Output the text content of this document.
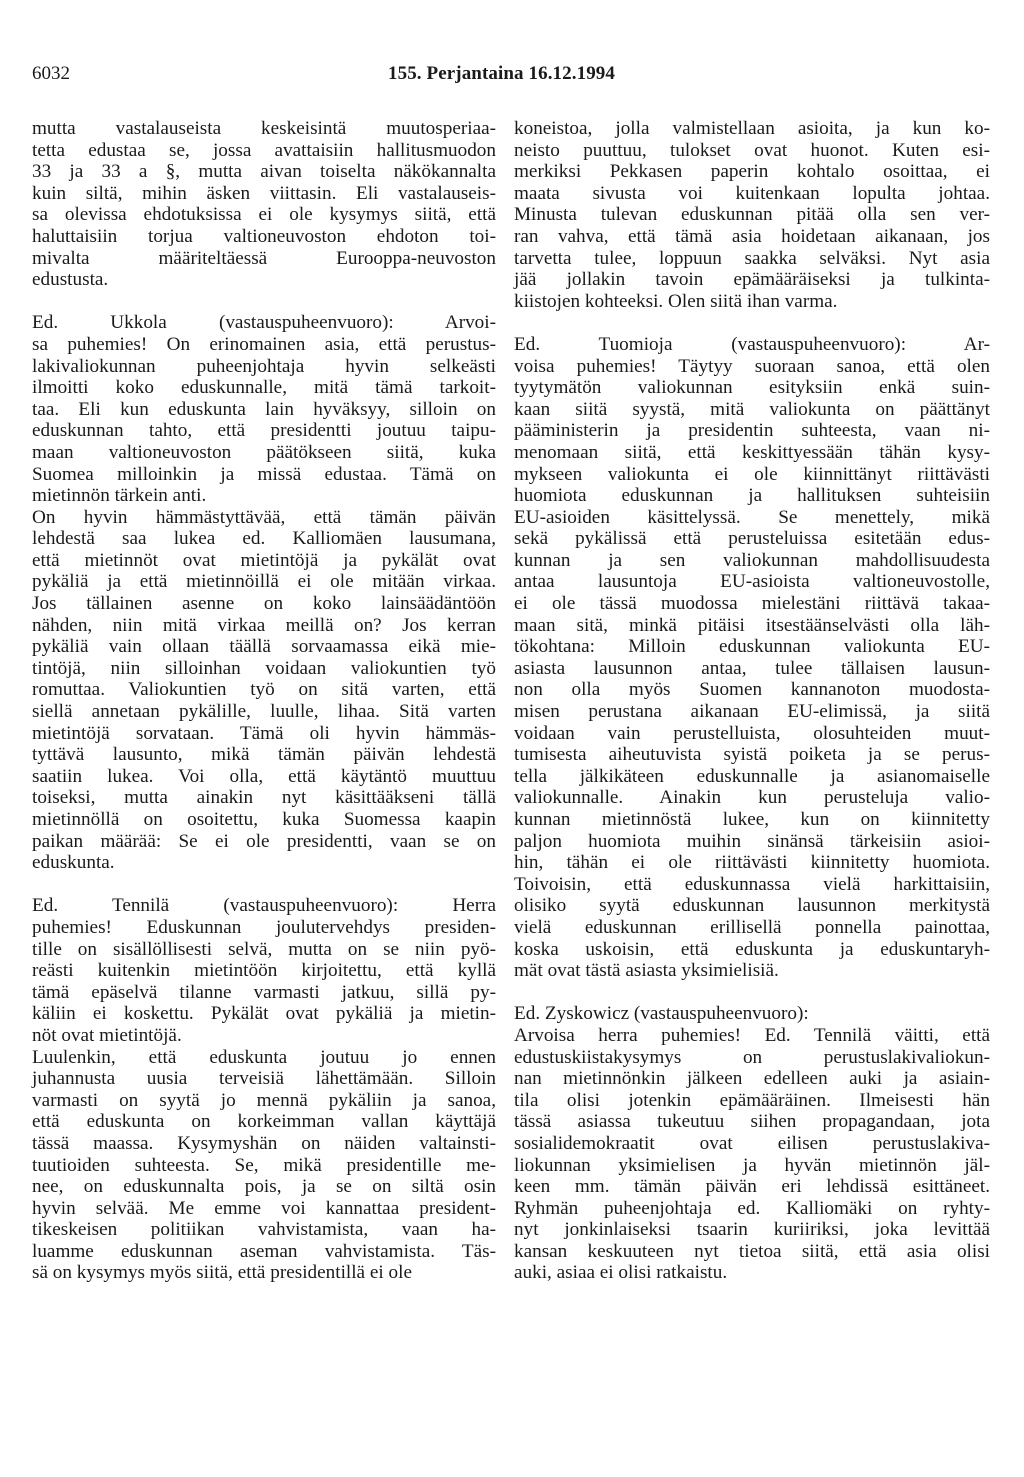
6032	155. Perjantaina 16.12.1994
mutta vastalauseista keskeisintä muutosperiaa-
tetta edustaa se, jossa avattaisiin hallitusmuodon
33 ja 33 a §, mutta aivan toiselta näkökannalta
kuin siltä, mihin äsken viittasin. Eli vastalauseis-
sa olevissa ehdotuksissa ei ole kysymys siitä, että
haluttaisiin torjua valtioneuvoston ehdoton toi-
mivalta määriteltäessä Eurooppa-neuvoston
edustusta.
Ed. Ukkola (vastauspuheenvuoro): Arvoi-
sa puhemies! On erinomainen asia, että perustus-
lakivaliokunnan puheenjohtaja hyvin selkeästi
ilmoitti koko eduskunnalle, mitä tämä tarkoit-
taa. Eli kun eduskunta lain hyväksyy, silloin on
eduskunnan tahto, että presidentti joutuu taipu-
maan valtioneuvoston päätökseen siitä, kuka
Suomea milloinkin ja missä edustaa. Tämä on
mietinnön tärkein anti.
On hyvin hämmästyttävää, että tämän päivän
lehdestä saa lukea ed. Kalliomäen lausumana,
että mietinnöt ovat mietintöjä ja pykälät ovat
pykäliä ja että mietinnöillä ei ole mitään virkaa.
Jos tällainen asenne on koko lainsäädäntöön
nähden, niin mitä virkaa meillä on? Jos kerran
pykäliä vain ollaan täällä sorvaamassa eikä mie-
tintöjä, niin silloinhan voidaan valiokuntien työ
romuttaa. Valiokuntien työ on sitä varten, että
siellä annetaan pykälille, luulle, lihaa. Sitä varten
mietintöjä sorvataan. Tämä oli hyvin hämmäs-
tyttävä lausunto, mikä tämän päivän lehdestä
saatiin lukea. Voi olla, että käytäntö muuttuu
toiseksi, mutta ainakin nyt käsittääkseni tällä
mietinnöllä on osoitettu, kuka Suomessa kaapin
paikan määrää: Se ei ole presidentti, vaan se on
eduskunta.
Ed. Tennilä (vastauspuheenvuoro): Herra
puhemies! Eduskunnan joulutervehdys presiden-
tille on sisällöllisesti selvä, mutta on se niin pyö-
reästi kuitenkin mietintöön kirjoitettu, että kyllä
tämä epäselvä tilanne varmasti jatkuu, sillä py-
käliin ei koskettu. Pykälät ovat pykäliä ja mietin-
nöt ovat mietintöjä.
Luulenkin, että eduskunta joutuu jo ennen
juhannusta uusia terveisiä lähettämään. Silloin
varmasti on syytä jo mennä pykäliin ja sanoa,
että eduskunta on korkeimman vallan käyttäjä
tässä maassa. Kysymyshän on näiden valtainsti-
tuutioiden suhteesta. Se, mikä presidentille me-
nee, on eduskunnalta pois, ja se on siltä osin
hyvin selvää. Me emme voi kannattaa president-
tikeskeisen politiikan vahvistamista, vaan ha-
luamme eduskunnan aseman vahvistamista. Täs-
sä on kysymys myös siitä, että presidentillä ei ole
koneistoa, jolla valmistellaan asioita, ja kun ko-
neisto puuttuu, tulokset ovat huonot. Kuten esi-
merkiksi Pekkasen paperin kohtalo osoittaa, ei
maata sivusta voi kuitenkaan lopulta johtaa.
Minusta tulevan eduskunnan pitää olla sen ver-
ran vahva, että tämä asia hoidetaan aikanaan, jos
tarvetta tulee, loppuun saakka selväksi. Nyt asia
jää jollakin tavoin epämääräiseksi ja tulkinta-
kiistojen kohteeksi. Olen siitä ihan varma.
Ed. Tuomioja (vastauspuheenvuoro): Ar-
voisa puhemies! Täytyy suoraan sanoa, että olen
tyytymätön valiokunnan esityksiin enkä suin-
kaan siitä syystä, mitä valiokunta on päättänyt
pääministerin ja presidentin suhteesta, vaan ni-
menomaan siitä, että keskittyessään tähän kysy-
mykseen valiokunta ei ole kiinnittänyt riittävästi
huomiota eduskunnan ja hallituksen suhteisiin
EU-asioiden käsittelyssä. Se menettely, mikä
sekä pykälissä että perusteluissa esitetään edus-
kunnan ja sen valiokunnan mahdollisuudesta
antaa lausuntoja EU-asioista valtioneuvostolle,
ei ole tässä muodossa mielestäni riittävä takaa-
maan sitä, minkä pitäisi itsestäänselvästi olla läh-
tökohtana: Milloin eduskunnan valiokunta EU-
asiasta lausunnon antaa, tulee tällaisen lausun-
non olla myös Suomen kannanoton muodosta-
misen perustana aikanaan EU-elimissä, ja siitä
voidaan vain perustelluista, olosuhteiden muut-
tumisesta aiheutuvista syistä poiketa ja se perus-
tella jälkikäteen eduskunnalle ja asianomaiselle
valiokunnalle. Ainakin kun perusteluja valio-
kunnan mietinnöstä lukee, kun on kiinnitetty
paljon huomiota muihin sinänsä tärkeisiin asioi-
hin, tähän ei ole riittävästi kiinnitetty huomiota.
Toivoisin, että eduskunnassa vielä harkittaisiin,
olisiko syytä eduskunnan lausunnon merkitystä
vielä eduskunnan erillisellä ponnella painottaa,
koska uskoisin, että eduskunta ja eduskuntaryh-
mät ovat tästä asiasta yksimielisiä.
Ed. Zyskowicz (vastauspuheenvuoro):
Arvoisa herra puhemies! Ed. Tennilä väitti, että
edustuskiistakysymys on perustuslakivaliokun-
nan mietinnönkin jälkeen edelleen auki ja asiain-
tila olisi jotenkin epämääräinen. Ilmeisesti hän
tässä asiassa tukeutuu siihen propagandaan, jota
sosialidemokraatit ovat eilisen perustuslakiva-
liokunnan yksimielisen ja hyvän mietinnön jäl-
keen mm. tämän päivän eri lehdissä esittäneet.
Ryhmän puheenjohtaja ed. Kalliomäki on ryhty-
nyt jonkinlaiseksi tsaarin kuriiriksi, joka levittää
kansan keskuuteen nyt tietoa siitä, että asia olisi
auki, asiaa ei olisi ratkaistu.
